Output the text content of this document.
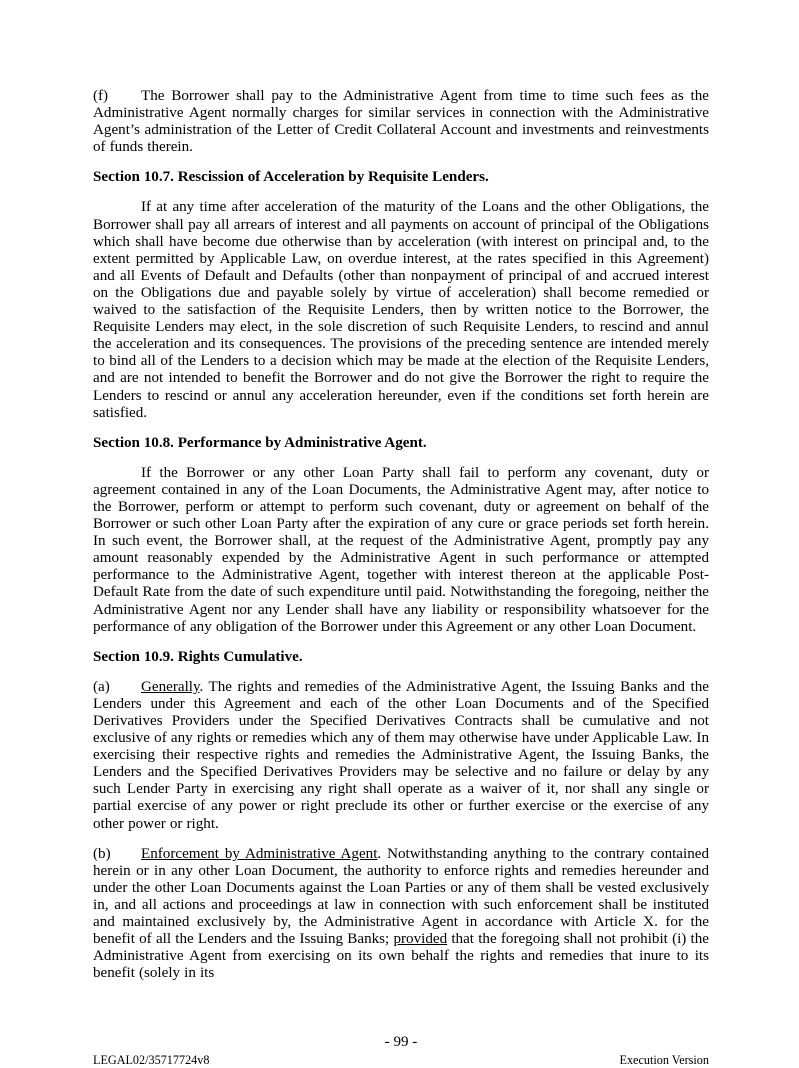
(f) The Borrower shall pay to the Administrative Agent from time to time such fees as the Administrative Agent normally charges for similar services in connection with the Administrative Agent’s administration of the Letter of Credit Collateral Account and investments and reinvestments of funds therein.

Section 10.7. Rescission of Acceleration by Requisite Lenders.

If at any time after acceleration of the maturity of the Loans and the other Obligations, the Borrower shall pay all arrears of interest and all payments on account of principal of the Obligations which shall have become due otherwise than by acceleration (with interest on principal and, to the extent permitted by Applicable Law, on overdue interest, at the rates specified in this Agreement) and all Events of Default and Defaults (other than nonpayment of principal of and accrued interest on the Obligations due and payable solely by virtue of acceleration) shall become remedied or waived to the satisfaction of the Requisite Lenders, then by written notice to the Borrower, the Requisite Lenders may elect, in the sole discretion of such Requisite Lenders, to rescind and annul the acceleration and its consequences. The provisions of the preceding sentence are intended merely to bind all of the Lenders to a decision which may be made at the election of the Requisite Lenders, and are not intended to benefit the Borrower and do not give the Borrower the right to require the Lenders to rescind or annul any acceleration hereunder, even if the conditions set forth herein are satisfied.

Section 10.8. Performance by Administrative Agent.

If the Borrower or any other Loan Party shall fail to perform any covenant, duty or agreement contained in any of the Loan Documents, the Administrative Agent may, after notice to the Borrower, perform or attempt to perform such covenant, duty or agreement on behalf of the Borrower or such other Loan Party after the expiration of any cure or grace periods set forth herein. In such event, the Borrower shall, at the request of the Administrative Agent, promptly pay any amount reasonably expended by the Administrative Agent in such performance or attempted performance to the Administrative Agent, together with interest thereon at the applicable Post-Default Rate from the date of such expenditure until paid. Notwithstanding the foregoing, neither the Administrative Agent nor any Lender shall have any liability or responsibility whatsoever for the performance of any obligation of the Borrower under this Agreement or any other Loan Document.

Section 10.9. Rights Cumulative.

(a) Generally. The rights and remedies of the Administrative Agent, the Issuing Banks and the Lenders under this Agreement and each of the other Loan Documents and of the Specified Derivatives Providers under the Specified Derivatives Contracts shall be cumulative and not exclusive of any rights or remedies which any of them may otherwise have under Applicable Law. In exercising their respective rights and remedies the Administrative Agent, the Issuing Banks, the Lenders and the Specified Derivatives Providers may be selective and no failure or delay by any such Lender Party in exercising any right shall operate as a waiver of it, nor shall any single or partial exercise of any power or right preclude its other or further exercise or the exercise of any other power or right.

(b) Enforcement by Administrative Agent. Notwithstanding anything to the contrary contained herein or in any other Loan Document, the authority to enforce rights and remedies hereunder and under the other Loan Documents against the Loan Parties or any of them shall be vested exclusively in, and all actions and proceedings at law in connection with such enforcement shall be instituted and maintained exclusively by, the Administrative Agent in accordance with Article X. for the benefit of all the Lenders and the Issuing Banks; provided that the foregoing shall not prohibit (i) the Administrative Agent from exercising on its own behalf the rights and remedies that inure to its benefit (solely in its

- 99 -
LEGAL02/35717724v8	Execution Version
